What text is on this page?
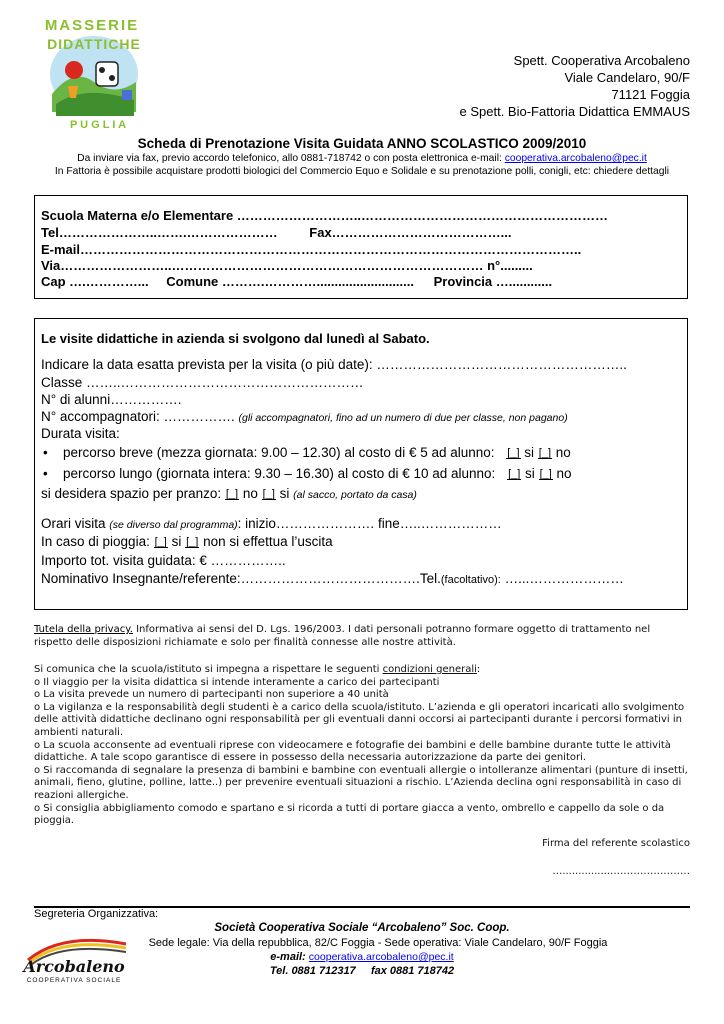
MASSERIE
DIDATTICHE
P U G L I A
Spett. Cooperativa Arcobaleno
Viale Candelaro, 90/F
71121 Foggia
e Spett. Bio-Fattoria Didattica EMMAUS
Scheda di Prenotazione Visita Guidata ANNO SCOLASTICO 2009/2010
Da inviare via fax, previo accordo telefonico, allo 0881-718742 o con posta elettronica e-mail: cooperativa.arcobaleno@pec.it
In Fattoria è possibile acquistare prodotti biologici del Commercio Equo e Solidale e su prenotazione polli, conigli, etc: chiedere dettagli
Scuola Materna e/o Elementare ………………………..…………………………………………………
Tel…………………..…….………………… Fax…………………………………...
E-mail……………………………………………………………………………………………………..
Via……………………..……………………………………………………………… n°.........
Cap ….…………... Comune ……….…………........................... Provincia …............
Le visite didattiche in azienda si svolgono dal lunedì al Sabato.
Indicare la data esatta prevista per la visita (o più date): ………………………………………………..
Classe ……..………………………………………………
N° di alunni…………….
N° accompagnatori: ……………. (gli accompagnatori, fino ad un numero di due per classe, non pagano)
Durata visita:
• percorso breve (mezza giornata: 9.00 – 12.30) al costo di € 5 ad alunno: [_] si [_] no
• percorso lungo (giornata intera: 9.30 – 16.30) al costo di € 10 ad alunno: [_] si [_] no
si desidera spazio per pranzo: [_] no [_] si (al sacco, portato da casa)
Orari visita (se diverso dal programma): inizio…………………. fine…..………………
In caso di pioggia: [_] si [_] non si effettua l’uscita
Importo tot. visita guidata: € ……………..
Nominativo Insegnante/referente:………………………………….Tel.(facoltativo): …...…………………
Tutela della privacy. Informativa ai sensi del D. Lgs. 196/2003. I dati personali potranno formare oggetto di trattamento nel rispetto delle disposizioni richiamate e solo per finalità connesse alle nostre attività.

Si comunica che la scuola/istituto si impegna a rispettare le seguenti condizioni generali:

o Il viaggio per la visita didattica si intende interamente a carico dei partecipanti

o La visita prevede un numero di partecipanti non superiore a 40 unità

o La vigilanza e la responsabilità degli studenti è a carico della scuola/istituto. L’azienda e gli operatori incaricati allo svolgimento delle attività didattiche declinano ogni responsabilità per gli eventuali danni occorsi ai partecipanti durante i percorsi formativi in ambienti naturali.

o La scuola acconsente ad eventuali riprese con videocamere e fotografie dei bambini e delle bambine durante tutte le attività didattiche. A tale scopo garantisce di essere in possesso della necessaria autorizzazione da parte dei genitori.

o Si raccomanda di segnalare la presenza di bambini e bambine con eventuali allergie o intolleranze alimentari (punture di insetti, animali, fieno, glutine, polline, latte..) per prevenire eventuali situazioni a rischio. L’Azienda declina ogni responsabilità in caso di reazioni allergiche.

o Si consiglia abbigliamento comodo e spartano e si ricorda a tutti di portare giacca a vento, ombrello e cappello da sole o da pioggia.

Firma del referente scolastico
…...............……………………
Segreteria Organizzativa:
Arcobaleno
COOPERATIVA SOCIALE
Società Cooperativa Sociale “Arcobaleno” Soc. Coop.
Sede legale: Via della repubblica, 82/C Foggia - Sede operativa: Viale Candelaro, 90/F Foggia
e-mail: cooperativa.arcobaleno@pec.it
Tel. 0881 712317     fax 0881 718742
